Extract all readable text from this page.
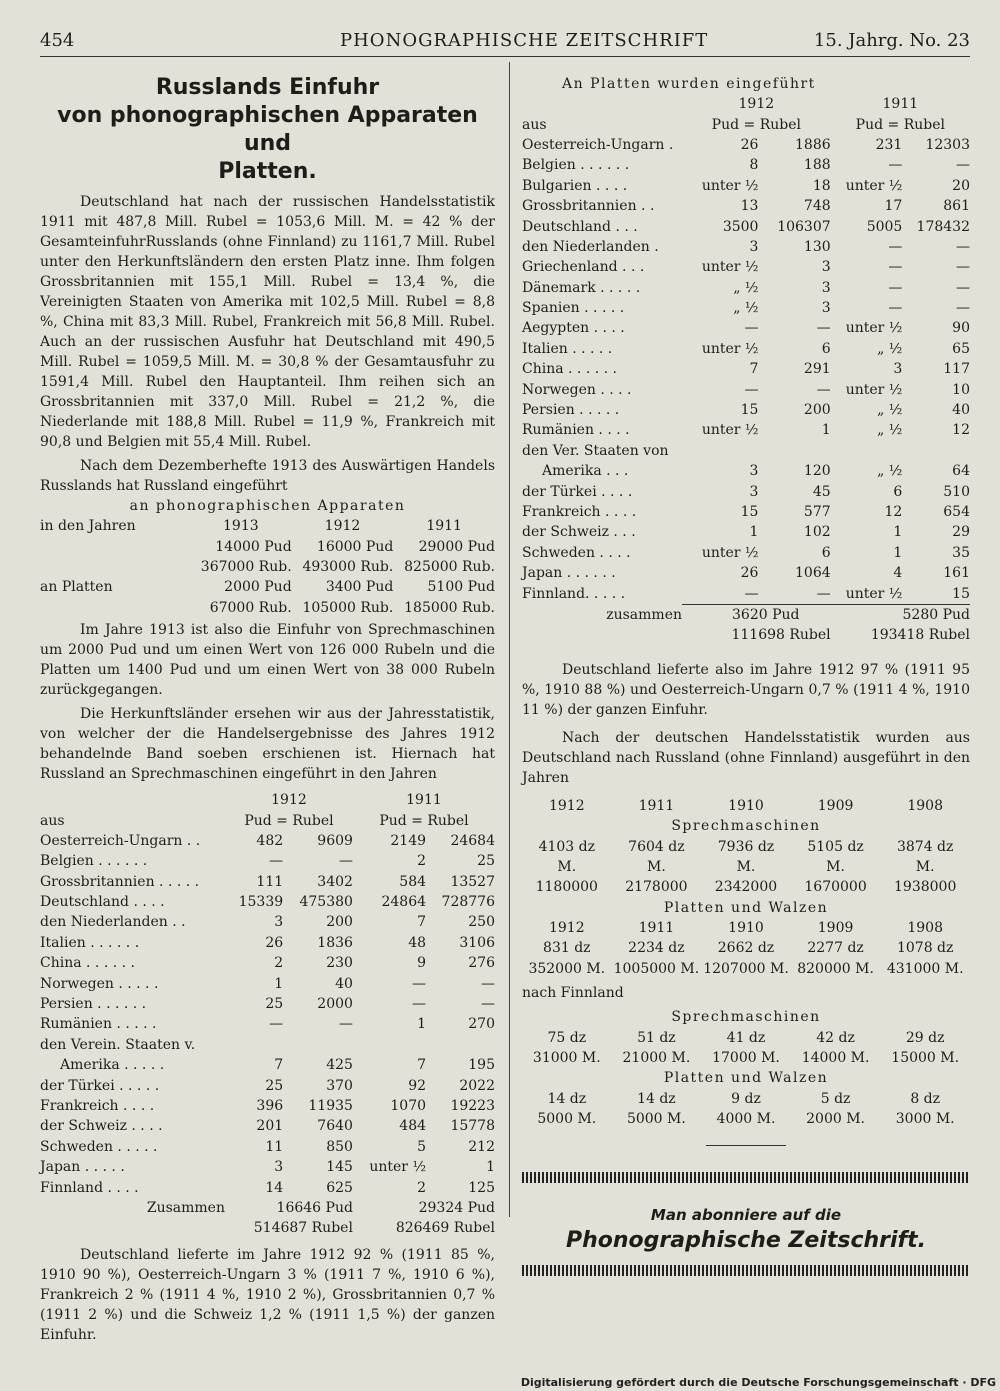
454	PHONOGRAPHISCHE ZEITSCHRIFT	15. Jahrg. No. 23
Russlands Einfuhr
von phonographischen Apparaten und
Platten.

Deutschland hat nach der russischen Handelsstatistik 1911 mit 487,8 Mill. Rubel = 1053,6 Mill. M. = 42 % der GesamteinfuhrRusslands (ohne Finnland) zu 1161,7 Mill. Rubel unter den Herkunftsländern den ersten Platz inne. Ihm folgen Grossbritannien mit 155,1 Mill. Rubel = 13,4 %, die Vereinigten Staaten von Amerika mit 102,5 Mill. Rubel = 8,8 %, China mit 83,3 Mill. Rubel, Frankreich mit 56,8 Mill. Rubel. Auch an der russischen Ausfuhr hat Deutschland mit 490,5 Mill. Rubel = 1059,5 Mill. M. = 30,8 % der Gesamtausfuhr zu 1591,4 Mill. Rubel den Hauptanteil. Ihm reihen sich an Grossbritannien mit 337,0 Mill. Rubel = 21,2 %, die Niederlande mit 188,8 Mill. Rubel = 11,9 %, Frankreich mit 90,8 und Belgien mit 55,4 Mill. Rubel.

Nach dem Dezemberhefte 1913 des Auswärtigen Handels Russlands hat Russland eingeführt

an phonographischen Apparaten
in den Jahren	1913	1912	1911
	14000 Pud	16000 Pud	29000 Pud
	367000 Rub.	493000 Rub.	825000 Rub.
an Platten	2000 Pud	3400 Pud	5100 Pud
	67000 Rub.	105000 Rub.	185000 Rub.

Im Jahre 1913 ist also die Einfuhr von Sprechmaschinen um 2000 Pud und um einen Wert von 126 000 Rubeln und die Platten um 1400 Pud und um einen Wert von 38 000 Rubeln zurückgegangen.

Die Herkunftsländer ersehen wir aus der Jahresstatistik, von welcher der die Handelsergebnisse des Jahres 1912 behandelnde Band soeben erschienen ist. Hiernach hat Russland an Sprechmaschinen eingeführt in den Jahren

	1912		1911	
aus	Pud = Rubel		Pud = Rubel	
Oesterreich-Ungarn . .	482	9609	2149	24684
Belgien . . . . . .	—	—	2	25
Grossbritannien . . . . .	111	3402	584	13527
Deutschland . . . .	15339	475380	24864	728776
den Niederlanden . .	3	200	7	250
Italien . . . . . .	26	1836	48	3106
China . . . . . .	2	230	9	276
Norwegen . . . . .	1	40	—	—
Persien . . . . . .	25	2000	—	—
Rumänien . . . . .	—	—	1	270
den Verein. Staaten v.				
Amerika . . . . .	7	425	7	195
der Türkei . . . . .	25	370	92	2022
Frankreich . . . .	396	11935	1070	19223
der Schweiz . . . .	201	7640	484	15778
Schweden . . . . .	11	850	5	212
Japan . . . . .	3	145	unter ½	1
Finnland . . . .	14	625	2	125
Zusammen	16646 Pud		29324 Pud	
	514687 Rubel		826469 Rubel	

Deutschland lieferte im Jahre 1912 92 % (1911 85 %, 1910 90 %), Oesterreich-Ungarn 3 % (1911 7 %, 1910 6 %), Frankreich 2 % (1911 4 %, 1910 2 %), Grossbritannien 0,7 % (1911 2 %) und die Schweiz 1,2 % (1911 1,5 %) der ganzen Einfuhr.

An Platten wurden eingeführt
	1912		1911	
aus	Pud = Rubel		Pud = Rubel	
Oesterreich-Ungarn .	26	1886	231	12303
Belgien . . . . . .	8	188	—	—
Bulgarien . . . .	unter ½	18	unter ½	20
Grossbritannien . .	13	748	17	861
Deutschland . . .	3500	106307	5005	178432
den Niederlanden .	3	130	—	—
Griechenland . . .	unter ½	3	—	—
Dänemark . . . . .	„ ½	3	—	—
Spanien . . . . .	„ ½	3	—	—
Aegypten . . . .	—	—	unter ½	90
Italien . . . . .	unter ½	6	„ ½	65
China . . . . . .	7	291	3	117
Norwegen . . . .	—	—	unter ½	10
Persien . . . . .	15	200	„ ½	40
Rumänien . . . .	unter ½	1	„ ½	12
den Ver. Staaten von				
Amerika . . .	3	120	„ ½	64
der Türkei . . . .	3	45	6	510
Frankreich . . . .	15	577	12	654
der Schweiz . . .	1	102	1	29
Schweden . . . .	unter ½	6	1	35
Japan . . . . . .	26	1064	4	161
Finnland. . . . .	—	—	unter ½	15
zusammen	3620 Pud		5280 Pud	
	111698 Rubel		193418 Rubel	

Deutschland lieferte also im Jahre 1912 97 % (1911 95 %, 1910 88 %) und Oesterreich-Ungarn 0,7 % (1911 4 %, 1910 11 %) der ganzen Einfuhr.

Nach der deutschen Handelsstatistik wurden aus Deutschland nach Russland (ohne Finnland) ausgeführt in den Jahren

1912	1911	1910	1909	1908
Sprechmaschinen				
4103 dz	7604 dz	7936 dz	5105 dz	3874 dz
M.	M.	M.	M.	M.
1180000	2178000	2342000	1670000	1938000
Platten und Walzen				
1912	1911	1910	1909	1908
831 dz	2234 dz	2662 dz	2277 dz	1078 dz
352000 M.	1005000 M.	1207000 M.	820000 M.	431000 M.
nach Finnland				
Sprechmaschinen				
75 dz	51 dz	41 dz	42 dz	29 dz
31000 M.	21000 M.	17000 M.	14000 M.	15000 M.
Platten und Walzen				
14 dz	14 dz	9 dz	5 dz	8 dz
5000 M.	5000 M.	4000 M.	2000 M.	3000 M.
Man abonniere auf die
Phonographische Zeitschrift.
Digitalisierung gefördert durch die Deutsche Forschungsgemeinschaft · DFG
